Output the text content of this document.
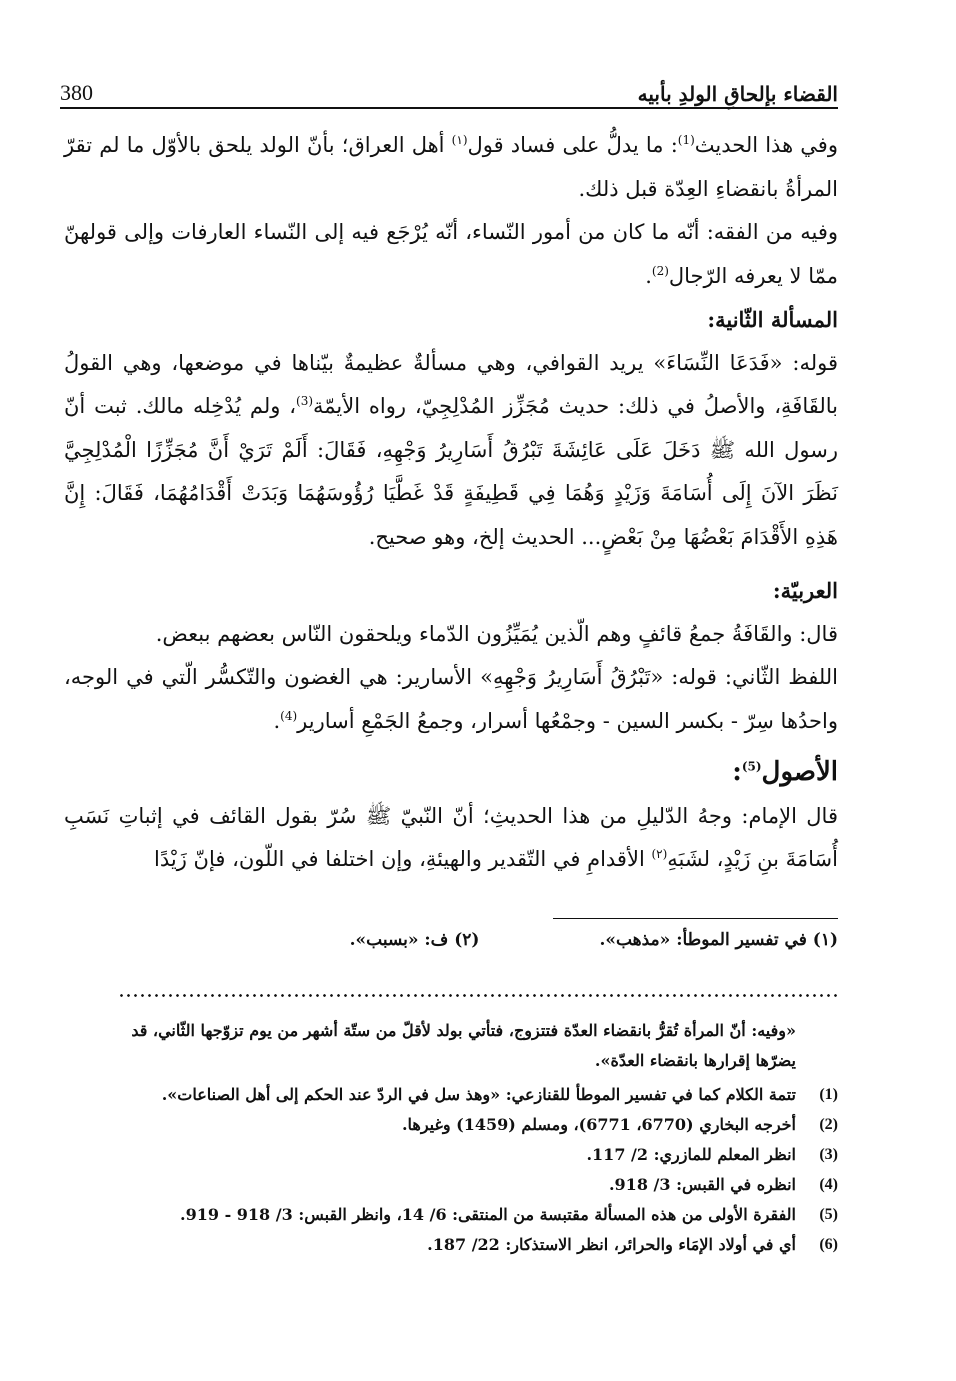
380	القضاء بإلحاقِ الولدِ بأبيه

وفي هذا الحديث$^{(1)}$: ما يدلُّ على فساد قول$^{(١)}$ أهل العراق؛ بأنّ الولد يلحق بالأوّل ما لم تقرّ المرأةُ بانقضاءِ العِدّة قبل ذلك.

وفيه من الفقه: أنّه ما كان من أمور النّساء، أنّه يُرْجَع فيه إلى النّساء العارفات وإلى قولهنّ ممّا لا يعرفه الرّجال$^{(2)}$.

المسألة الثّانية:

قوله: «فَدَعَا النِّسَاءَ» يريد القوافي، وهي مسألةٌ عظيمةٌ بيّناها في موضعها، وهي القولُ بالقَافَةِ، والأصلُ في ذلك: حديث مُجَزِّز المُدْلِجِيّ، رواه الأيمّة$^{(3)}$، ولم يُدْخِله مالك. ثبت أنّ رسول الله ﷺ دَخَلَ عَلَى عَائِشَةَ تَبْرُقُ أَسَارِيرُ وَجْهِهِ، فَقَالَ: أَلَمْ تَرَيْ أَنَّ مُجَزِّزًا الْمُدْلِجِيَّ نَظَرَ الآنَ إِلَى أُسَامَةَ وَزَيْدٍ وَهُمَا فِي قَطِيفَةٍ قَدْ غَطَّيَا رُؤُوسَهُمَا وَبَدَتْ أَقْدَامُهُمَا، فَقَالَ: إِنَّ هَذِهِ الأَقْدَامَ بَعْضُهَا مِنْ بَعْضٍ... الحديث إلخ، وهو صحيح.

العربيّة:

قال: والقَافَةُ جمعُ قائفٍ وهم الّذين يُمَيِّزُون الدّماء ويلحقون النّاس بعضهم ببعض.

اللفظ الثّاني: قوله: «تَبْرُقُ أَسَارِيرُ وَجْهِهِ» الأسارير: هي الغضون والتّكسُّر الّتي في الوجه، واحدُها سِرّ - بكسر السين - وجمْعُها أسرار، وجمعُ الجَمْعِ أسارير$^{(4)}$.

الأصول$^{(5)}$:

قال الإمام: وجهُ الدّليلِ من هذا الحديثِ؛ أنّ النّبيّ ﷺ سُرّ بقول القائف في إثباتِ نَسَبِ أُسَامَةَ بنِ زَيْدٍ، لشَبَهِ$^{(٢)}$ الأقدامِ في التّقدير والهيئةِ، وإن اختلفا في اللّون، فإنّ زَيْدًا

(١) في تفسير الموطأ: «مذهب».
(٢) ف: «بسبب».

«وفيه: أنّ المرأة تُقرُّ بانقضاء العدّة فتتزوج، فتأتي بولد لأقلّ من ستّة أشهر من يوم تزوّجها الثّاني، قد يضرّها إقرارها بانقضاء العدّة».

(1)
تتمة الكلام كما في تفسير الموطأ للقنازعي: «وهذ سل في الردّ عند الحكم إلى أهل الصناعات».

(2)
أخرجه البخاري (6770، 6771)، ومسلم (1459) وغيرها.

(3)
انظر المعلم للمازري: 2/ 117.

(4)
انظره في القبس: 3/ 918.

(5)
الفقرة الأولى من هذه المسألة مقتبسة من المنتقى: 6/ 14، وانظر القبس: 3/ 918 - 919.

(6)
أي في أولاد الإمَاء والحرائر، انظر الاستذكار: 22/ 187.
